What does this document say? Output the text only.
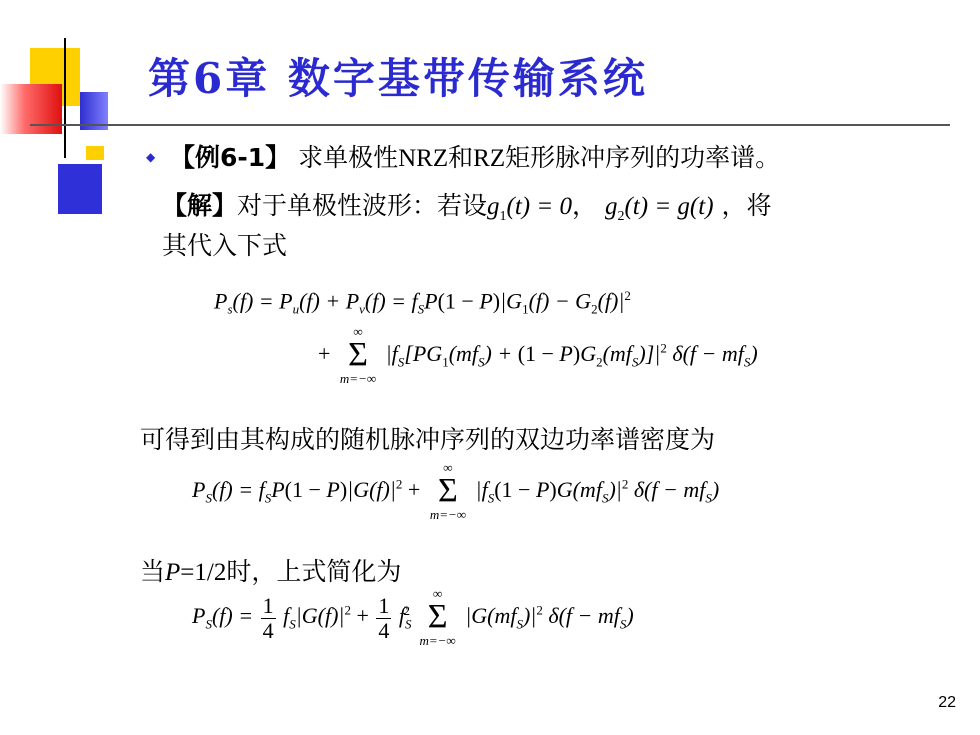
第6章 数字基带传输系统
◆ 【例6-1】 求单极性NRZ和RZ矩形脉冲序列的功率谱。
【解】对于单极性波形：若设$g_1(t) = 0$， $g_2(t) = g(t)$ ，将
其代入下式
$P_s(f) = P_u(f) + P_v(f) = f_SP(1 - P)|G_1(f) - G_2(f)|^2$
+
∞
Σ
m=−∞
$|f_S[PG_1(mf_S) + (1 - P)G_2(mf_S)]|^2$ $\delta(f - mf_S)$
可得到由其构成的随机脉冲序列的双边功率谱密度为
$P_S(f) = f_SP(1 - P)|G(f)|^2$ +
∞
Σ
m=−∞
$|f_S(1 - P)G(mf_S)|^2$ $\delta(f - mf_S)$
当P=1/2时，上式简化为
$P_S(f) = \frac{1}{4} f_S|G(f)|^2 + \frac{1}{4} f_S^2$
∞
Σ
m=−∞
$|G(mf_S)|^2$ $\delta(f - mf_S)$
22
